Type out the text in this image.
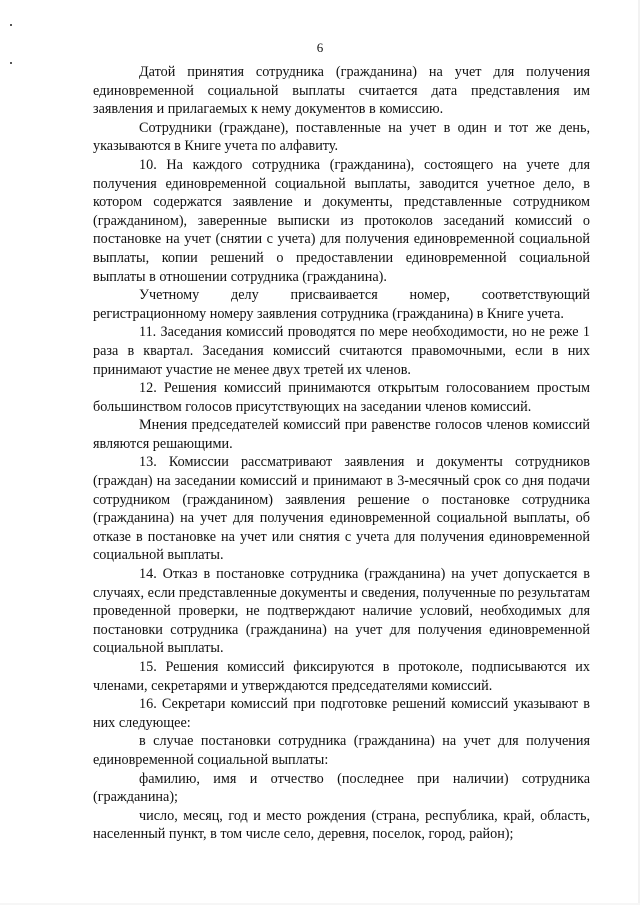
6

Датой принятия сотрудника (гражданина) на учет для получения единовременной социальной выплаты считается дата представления им заявления и прилагаемых к нему документов в комиссию.

Сотрудники (граждане), поставленные на учет в один и тот же день, указываются в Книге учета по алфавиту.

10. На каждого сотрудника (гражданина), состоящего на учете для получения единовременной социальной выплаты, заводится учетное дело, в котором содержатся заявление и документы, представленные сотрудником (гражданином), заверенные выписки из протоколов заседаний комиссий о постановке на учет (снятии с учета) для получения единовременной социальной выплаты, копии решений о предоставлении единовременной социальной выплаты в отношении сотрудника (гражданина).

Учетному делу присваивается номер, соответствующий регистрационному номеру заявления сотрудника (гражданина) в Книге учета.

11. Заседания комиссий проводятся по мере необходимости, но не реже 1 раза в квартал. Заседания комиссий считаются правомочными, если в них принимают участие не менее двух третей их членов.

12. Решения комиссий принимаются открытым голосованием простым большинством голосов присутствующих на заседании членов комиссий.

Мнения председателей комиссий при равенстве голосов членов комиссий являются решающими.

13. Комиссии рассматривают заявления и документы сотрудников (граждан) на заседании комиссий и принимают в 3-месячный срок со дня подачи сотрудником (гражданином) заявления решение о постановке сотрудника (гражданина) на учет для получения единовременной социальной выплаты, об отказе в постановке на учет или снятия с учета для получения единовременной социальной выплаты.

14. Отказ в постановке сотрудника (гражданина) на учет допускается в случаях, если представленные документы и сведения, полученные по результатам проведенной проверки, не подтверждают наличие условий, необходимых для постановки сотрудника (гражданина) на учет для получения единовременной социальной выплаты.

15. Решения комиссий фиксируются в протоколе, подписываются их членами, секретарями и утверждаются председателями комиссий.

16. Секретари комиссий при подготовке решений комиссий указывают в них следующее:

в случае постановки сотрудника (гражданина) на учет для получения единовременной социальной выплаты:

фамилию, имя и отчество (последнее при наличии) сотрудника (гражданина);

число, месяц, год и место рождения (страна, республика, край, область, населенный пункт, в том числе село, деревня, поселок, город, район);
